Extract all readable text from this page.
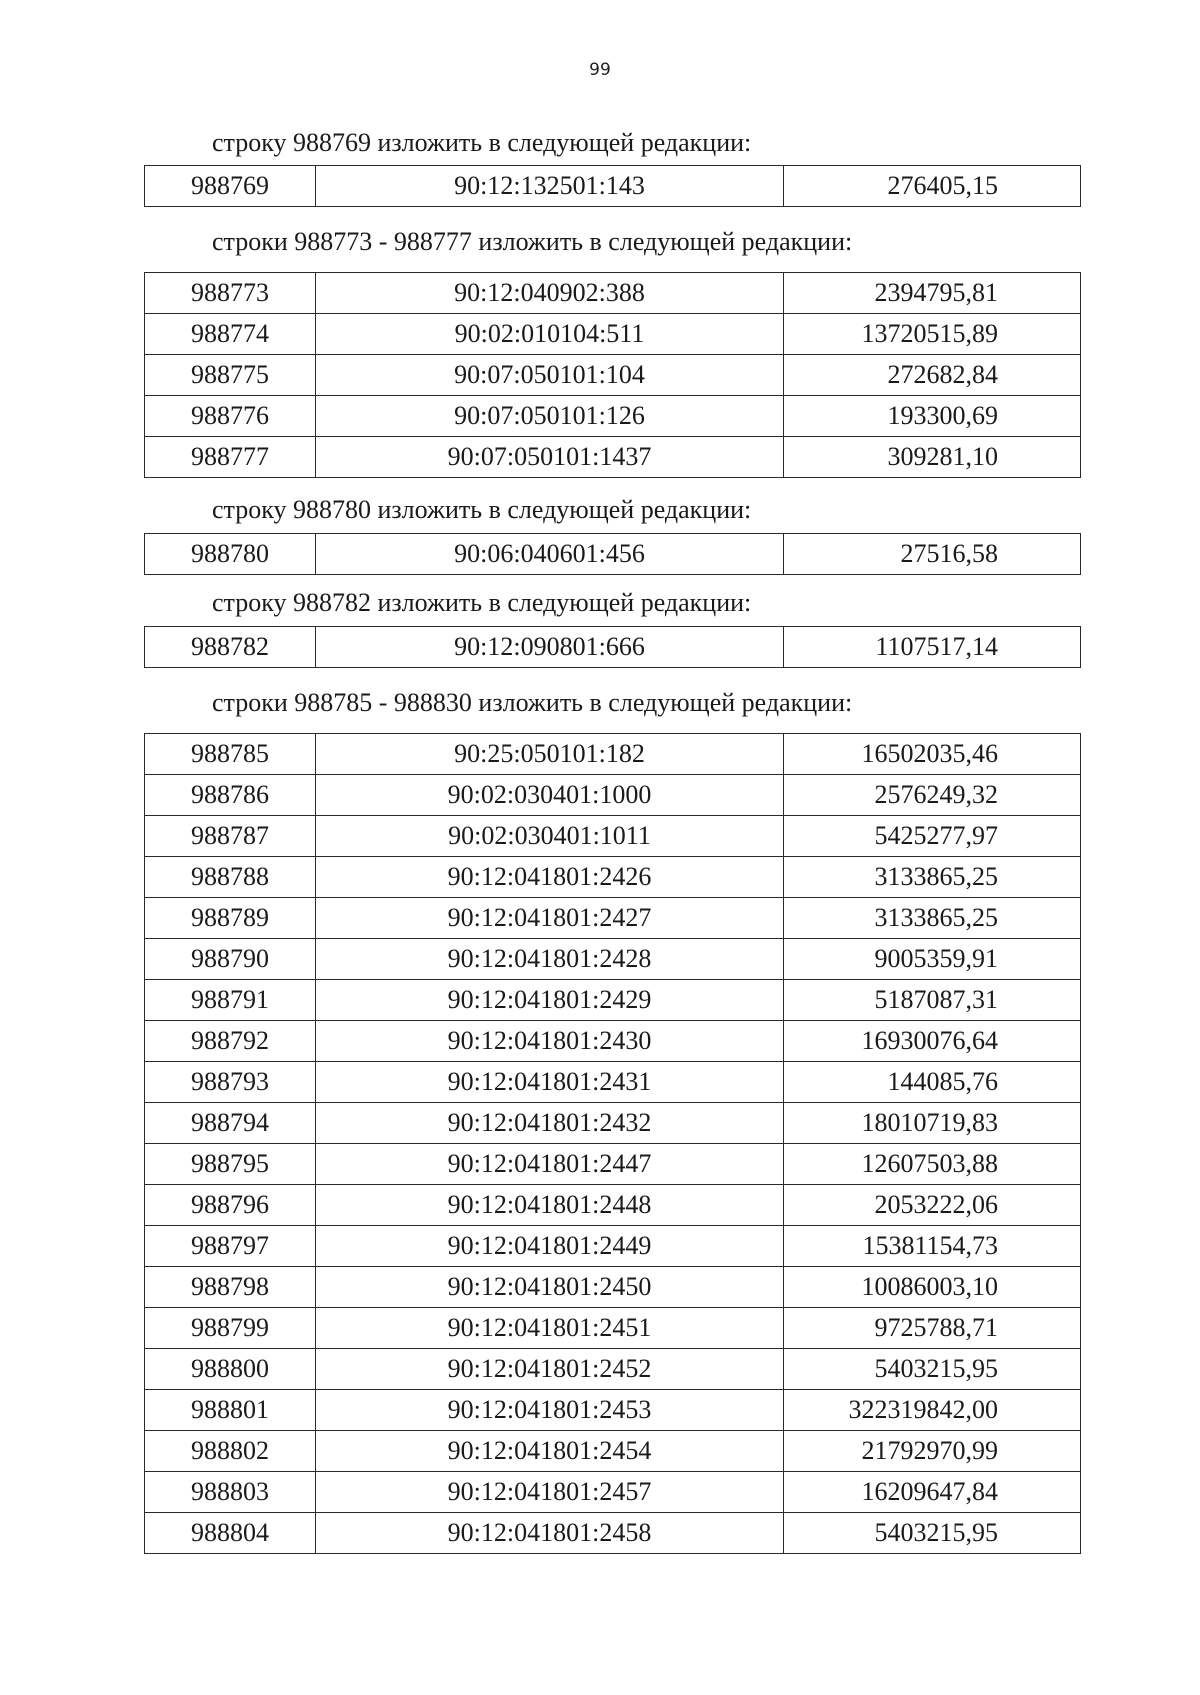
99
строку 988769 изложить в следующей редакции:
988769	90:12:132501:143	276405,15
строки 988773 - 988777 изложить в следующей редакции:
988773	90:12:040902:388	2394795,81
988774	90:02:010104:511	13720515,89
988775	90:07:050101:104	272682,84
988776	90:07:050101:126	193300,69
988777	90:07:050101:1437	309281,10
строку 988780 изложить в следующей редакции:
988780	90:06:040601:456	27516,58
строку 988782 изложить в следующей редакции:
988782	90:12:090801:666	1107517,14
строки 988785 - 988830 изложить в следующей редакции:
988785	90:25:050101:182	16502035,46
988786	90:02:030401:1000	2576249,32
988787	90:02:030401:1011	5425277,97
988788	90:12:041801:2426	3133865,25
988789	90:12:041801:2427	3133865,25
988790	90:12:041801:2428	9005359,91
988791	90:12:041801:2429	5187087,31
988792	90:12:041801:2430	16930076,64
988793	90:12:041801:2431	144085,76
988794	90:12:041801:2432	18010719,83
988795	90:12:041801:2447	12607503,88
988796	90:12:041801:2448	2053222,06
988797	90:12:041801:2449	15381154,73
988798	90:12:041801:2450	10086003,10
988799	90:12:041801:2451	9725788,71
988800	90:12:041801:2452	5403215,95
988801	90:12:041801:2453	322319842,00
988802	90:12:041801:2454	21792970,99
988803	90:12:041801:2457	16209647,84
988804	90:12:041801:2458	5403215,95
